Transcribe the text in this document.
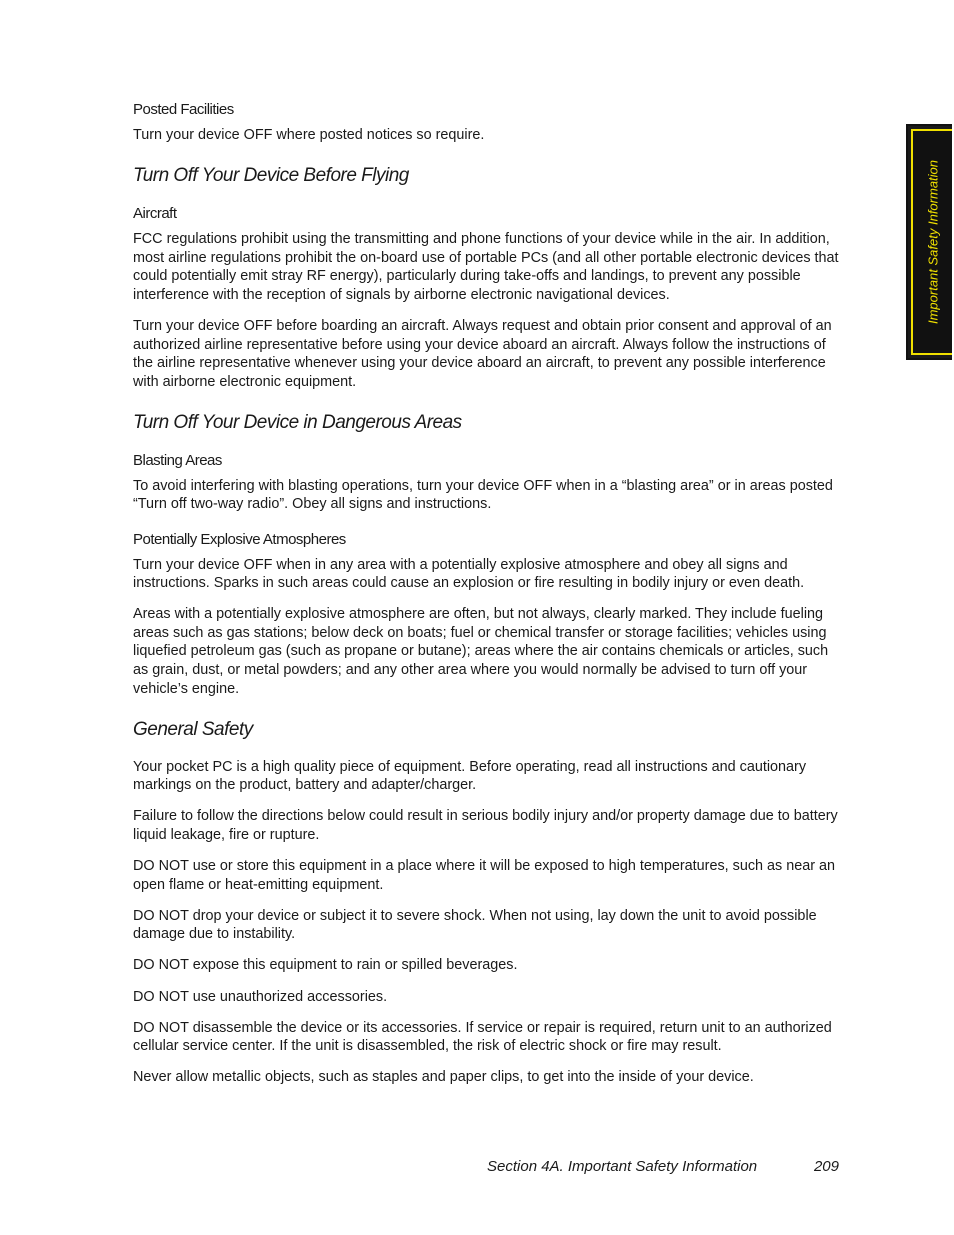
Posted Facilities

Turn your device OFF where posted notices so require.

Turn Off Your Device Before Flying
Aircraft

FCC regulations prohibit using the transmitting and phone functions of your device while in the air. In addition, most airline regulations prohibit the on-board use of portable PCs (and all other portable electronic devices that could potentially emit stray RF energy), particularly during take-offs and landings, to prevent any possible interference with the reception of signals by airborne electronic navigational devices.

Turn your device OFF before boarding an aircraft. Always request and obtain prior consent and approval of an authorized airline representative before using your device aboard an aircraft. Always follow the instructions of the airline representative whenever using your device aboard an aircraft, to prevent any possible interference with airborne electronic equipment.

Turn Off Your Device in Dangerous Areas
Blasting Areas

To avoid interfering with blasting operations, turn your device OFF when in a “blasting area” or in areas posted “Turn off two-way radio”. Obey all signs and instructions.

Potentially Explosive Atmospheres

Turn your device OFF when in any area with a potentially explosive atmosphere and obey all signs and instructions. Sparks in such areas could cause an explosion or fire resulting in bodily injury or even death.

Areas with a potentially explosive atmosphere are often, but not always, clearly marked. They include fueling areas such as gas stations; below deck on boats; fuel or chemical transfer or storage facilities; vehicles using liquefied petroleum gas (such as propane or butane); areas where the air contains chemicals or articles, such as grain, dust, or metal powders; and any other area where you would normally be advised to turn off your vehicle’s engine.

General Safety

Your pocket PC is a high quality piece of equipment. Before operating, read all instructions and cautionary markings on the product, battery and adapter/charger.

Failure to follow the directions below could result in serious bodily injury and/or property damage due to battery liquid leakage, fire or rupture.

DO NOT use or store this equipment in a place where it will be exposed to high temperatures, such as near an open flame or heat-emitting equipment.

DO NOT drop your device or subject it to severe shock. When not using, lay down the unit to avoid possible damage due to instability.

DO NOT expose this equipment to rain or spilled beverages.

DO NOT use unauthorized accessories.

DO NOT disassemble the device or its accessories. If service or repair is required, return unit to an authorized cellular service center. If the unit is disassembled, the risk of electric shock or fire may result.

Never allow metallic objects, such as staples and paper clips, to get into the inside of your device.

Important Safety Information
Section 4A. Important Safety Information	209
